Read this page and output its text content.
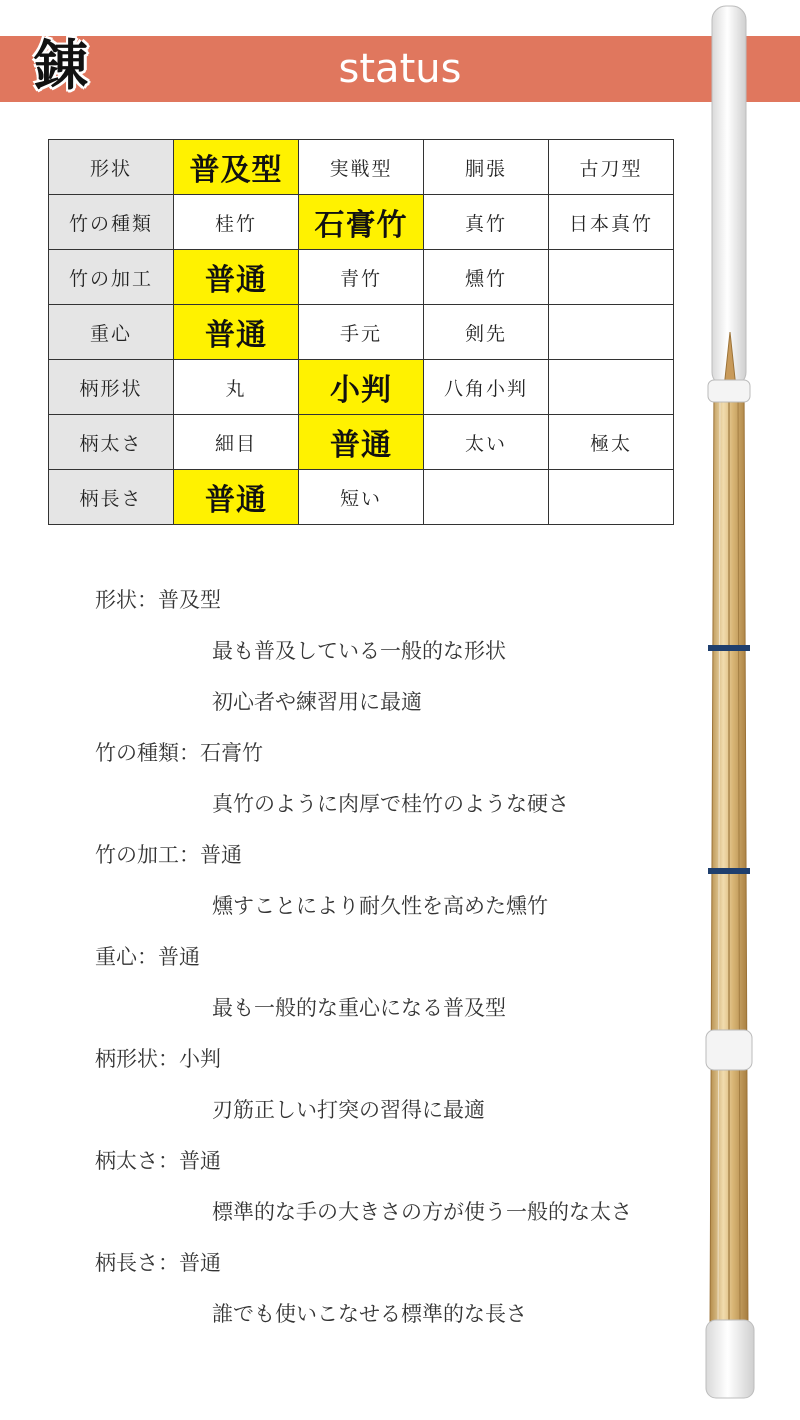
錬	status
形状	普及型	実戦型	胴張	古刀型
竹の種類	桂竹	石膏竹	真竹	日本真竹
竹の加工	普通	青竹	燻竹	
重心	普通	手元	剣先	
柄形状	丸	小判	八角小判	
柄太さ	細目	普通	太い	極太
柄長さ	普通	短い		
形状：普及型
最も普及している一般的な形状
初心者や練習用に最適
竹の種類：石膏竹
真竹のように肉厚で桂竹のような硬さ
竹の加工：普通
燻すことにより耐久性を高めた燻竹
重心：普通
最も一般的な重心になる普及型
柄形状：小判
刃筋正しい打突の習得に最適
柄太さ：普通
標準的な手の大きさの方が使う一般的な太さ
柄長さ：普通
誰でも使いこなせる標準的な長さ
